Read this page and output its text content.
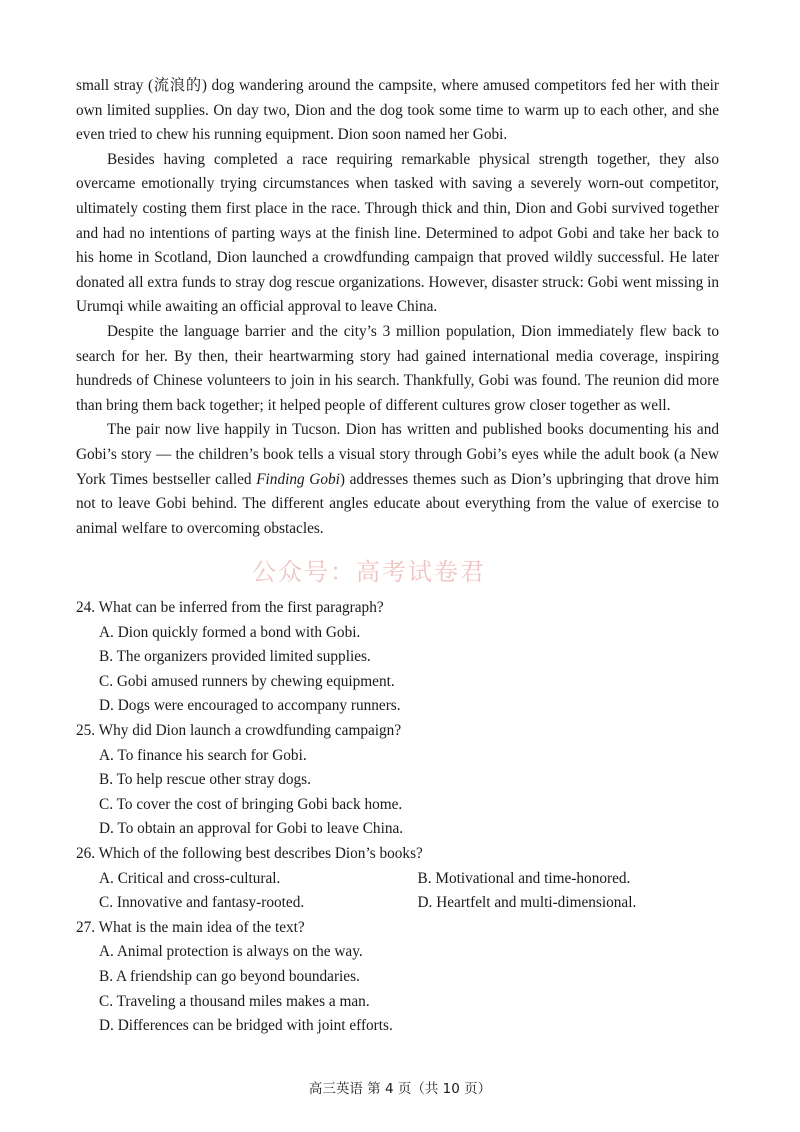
small stray (流浪的) dog wandering around the campsite, where amused competitors fed her with their own limited supplies. On day two, Dion and the dog took some time to warm up to each other, and she even tried to chew his running equipment. Dion soon named her Gobi.

Besides having completed a race requiring remarkable physical strength together, they also overcame emotionally trying circumstances when tasked with saving a severely worn-out competitor, ultimately costing them first place in the race. Through thick and thin, Dion and Gobi survived together and had no intentions of parting ways at the finish line. Determined to adpot Gobi and take her back to his home in Scotland, Dion launched a crowdfunding campaign that proved wildly successful. He later donated all extra funds to stray dog rescue organizations. However, disaster struck: Gobi went missing in Urumqi while awaiting an official approval to leave China.

Despite the language barrier and the city’s 3 million population, Dion immediately flew back to search for her. By then, their heartwarming story had gained international media coverage, inspiring hundreds of Chinese volunteers to join in his search. Thankfully, Gobi was found. The reunion did more than bring them back together; it helped people of different cultures grow closer together as well.

The pair now live happily in Tucson. Dion has written and published books documenting his and Gobi’s story — the children’s book tells a visual story through Gobi’s eyes while the adult book (a New York Times bestseller called Finding Gobi) addresses themes such as Dion’s upbringing that drove him not to leave Gobi behind. The different angles educate about everything from the value of exercise to animal welfare to overcoming obstacles.

公众号：高考试卷君
24. What can be inferred from the first paragraph?
A. Dion quickly formed a bond with Gobi.
B. The organizers provided limited supplies.
C. Gobi amused runners by chewing equipment.
D. Dogs were encouraged to accompany runners.
25. Why did Dion launch a crowdfunding campaign?
A. To finance his search for Gobi.
B. To help rescue other stray dogs.
C. To cover the cost of bringing Gobi back home.
D. To obtain an approval for Gobi to leave China.
26. Which of the following best describes Dion’s books?
A. Critical and cross-cultural.	B. Motivational and time-honored.
C. Innovative and fantasy-rooted.	D. Heartfelt and multi-dimensional.
27. What is the main idea of the text?
A. Animal protection is always on the way.
B. A friendship can go beyond boundaries.
C. Traveling a thousand miles makes a man.
D. Differences can be bridged with joint efforts.
高三英语 第 4 页（共 10 页）
